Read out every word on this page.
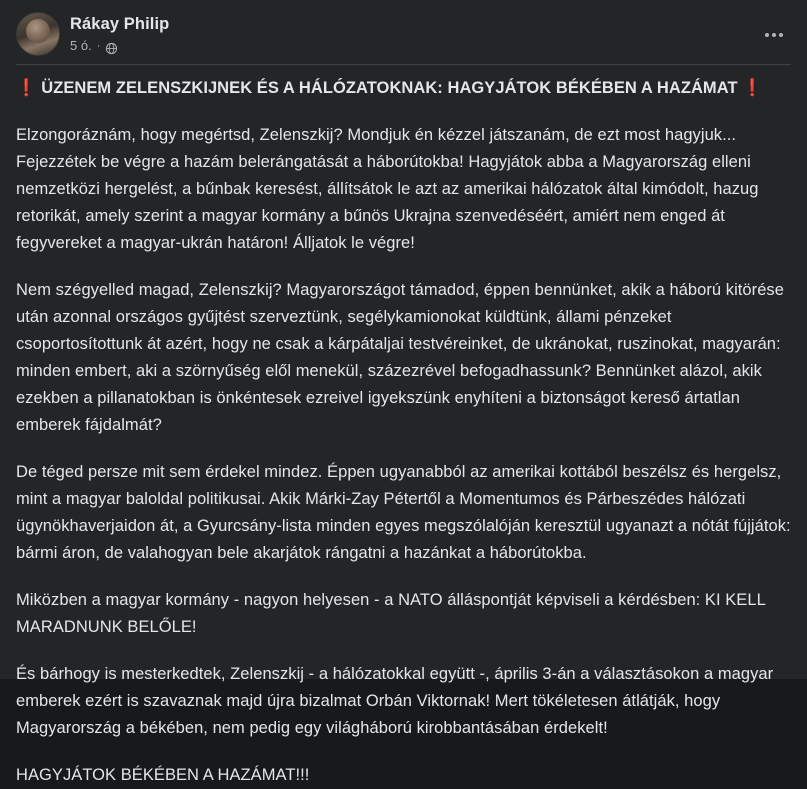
Rákay Philip
5 ó. ·

❗ ÜZENEM ZELENSZKIJNEK ÉS A HÁLÓZATOKNAK: HAGYJÁTOK BÉKÉBEN A HAZÁMAT ❗

Elzongoráznám, hogy megértsd, Zelenszkij? Mondjuk én kézzel játszanám, de ezt most hagyjuk... Fejezzétek be végre a hazám belerángatását a háborútokba! Hagyjátok abba a Magyarország elleni nemzetközi hergelést, a bűnbak keresést, állítsátok le azt az amerikai hálózatok által kimódolt, hazug retorikát, amely szerint a magyar kormány a bűnös Ukrajna szenvedéséért, amiért nem enged át fegyvereket a magyar-ukrán határon! Álljatok le végre!

Nem szégyelled magad, Zelenszkij? Magyarországot támadod, éppen bennünket, akik a háború kitörése után azonnal országos gyűjtést szerveztünk, segélykamionokat küldtünk, állami pénzeket csoportosítottunk át azért, hogy ne csak a kárpátaljai testvéreinket, de ukránokat, ruszinokat, magyarán: minden embert, aki a szörnyűség elől menekül, százezrével befogadhassunk? Bennünket alázol, akik ezekben a pillanatokban is önkéntesek ezreivel igyekszünk enyhíteni a biztonságot kereső ártatlan emberek fájdalmát?

De téged persze mit sem érdekel mindez. Éppen ugyanabból az amerikai kottából beszélsz és hergelsz, mint a magyar baloldal politikusai. Akik Márki-Zay Pétertől a Momentumos és Párbeszédes hálózati ügynökhaverjaidon át, a Gyurcsány-lista minden egyes megszólalóján keresztül ugyanazt a nótát fújjátok: bármi áron, de valahogyan bele akarjátok rángatni a hazánkat a háborútokba.

Miközben a magyar kormány - nagyon helyesen - a NATO álláspontját képviseli a kérdésben: KI KELL MARADNUNK BELŐLE!

És bárhogy is mesterkedtek, Zelenszkij - a hálózatokkal együtt -, április 3-án a választásokon a magyar emberek ezért is szavaznak majd újra bizalmat Orbán Viktornak! Mert tökéletesen átlátják, hogy Magyarország a békében, nem pedig egy világháború kirobbantásában érdekelt!

HAGYJÁTOK BÉKÉBEN A HAZÁMAT!!!
